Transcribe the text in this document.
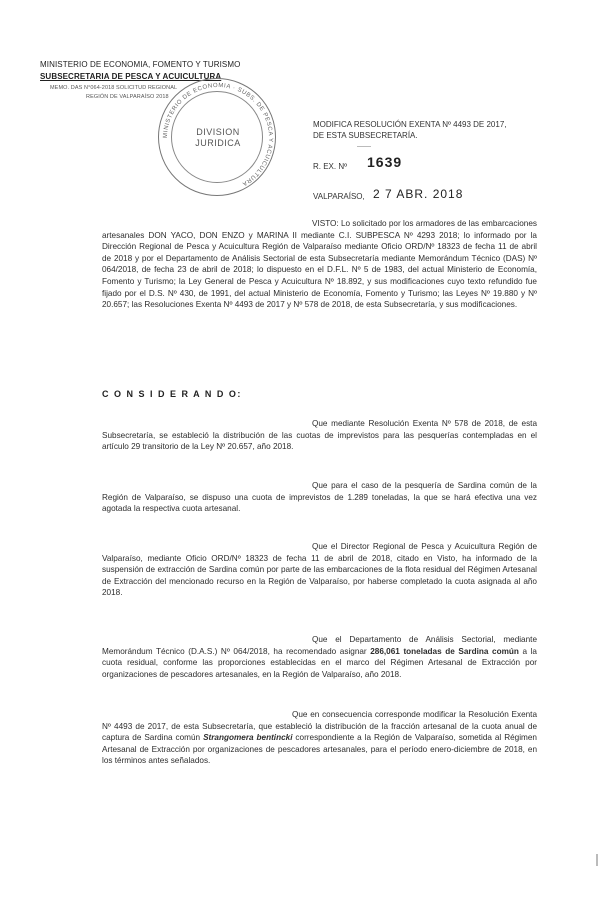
MINISTERIO DE ECONOMIA, FOMENTO Y TURISMO
SUBSECRETARIA DE PESCA Y ACUICULTURA
MEMO. DAS N°064-2018 SOLICITUD REGIONAL
REGIÓN DE VALPARAÍSO 2018
MINISTERIO DE ECONOMIA · SUBS. DE PESCA Y ACUICULTURA
DIVISION
JURIDICA
MODIFICA RESOLUCIÓN EXENTA Nº 4493 DE 2017,
DE ESTA SUBSECRETARÍA.
R. EX. Nº 1639
VALPARAÍSO, 2 7 ABR. 2018
VISTO: Lo solicitado por los armadores de las embarcaciones artesanales DON YACO, DON ENZO y MARINA II mediante C.I. SUBPESCA Nº 4293 2018; lo informado por la Dirección Regional de Pesca y Acuicultura Región de Valparaíso mediante Oficio ORD/Nº 18323 de fecha 11 de abril de 2018 y por el Departamento de Análisis Sectorial de esta Subsecretaría mediante Memorándum Técnico (DAS) Nº 064/2018, de fecha 23 de abril de 2018; lo dispuesto en el D.F.L. Nº 5 de 1983, del actual Ministerio de Economía, Fomento y Turismo; la Ley General de Pesca y Acuicultura Nº 18.892, y sus modificaciones cuyo texto refundido fue fijado por el D.S. Nº 430, de 1991, del actual Ministerio de Economía, Fomento y Turismo; las Leyes Nº 19.880 y Nº 20.657; las Resoluciones Exenta Nº 4493 de 2017 y Nº 578 de 2018, de esta Subsecretaría, y sus modificaciones.
C O N S I D E R A N D O:
Que mediante Resolución Exenta Nº 578 de 2018, de esta Subsecretaría, se estableció la distribución de las cuotas de imprevistos para las pesquerías contempladas en el artículo 29 transitorio de la Ley Nº 20.657, año 2018.
Que para el caso de la pesquería de Sardina común de la Región de Valparaíso, se dispuso una cuota de imprevistos de 1.289 toneladas, la que se hará efectiva una vez agotada la respectiva cuota artesanal.
Que el Director Regional de Pesca y Acuicultura Región de Valparaíso, mediante Oficio ORD/Nº 18323 de fecha 11 de abril de 2018, citado en Visto, ha informado de la suspensión de extracción de Sardina común por parte de las embarcaciones de la flota residual del Régimen Artesanal de Extracción del mencionado recurso en la Región de Valparaíso, por haberse completado la cuota asignada al año 2018.
Que el Departamento de Análisis Sectorial, mediante Memorándum Técnico (D.A.S.) Nº 064/2018, ha recomendado asignar 286,061 toneladas de Sardina común a la cuota residual, conforme las proporciones establecidas en el marco del Régimen Artesanal de Extracción por organizaciones de pescadores artesanales, en la Región de Valparaíso, año 2018.
Que en consecuencia corresponde modificar la Resolución Exenta Nº 4493 de 2017, de esta Subsecretaría, que estableció la distribución de la fracción artesanal de la cuota anual de captura de Sardina común Strangomera bentincki correspondiente a la Región de Valparaíso, sometida al Régimen Artesanal de Extracción por organizaciones de pescadores artesanales, para el período enero-diciembre de 2018, en los términos antes señalados.
